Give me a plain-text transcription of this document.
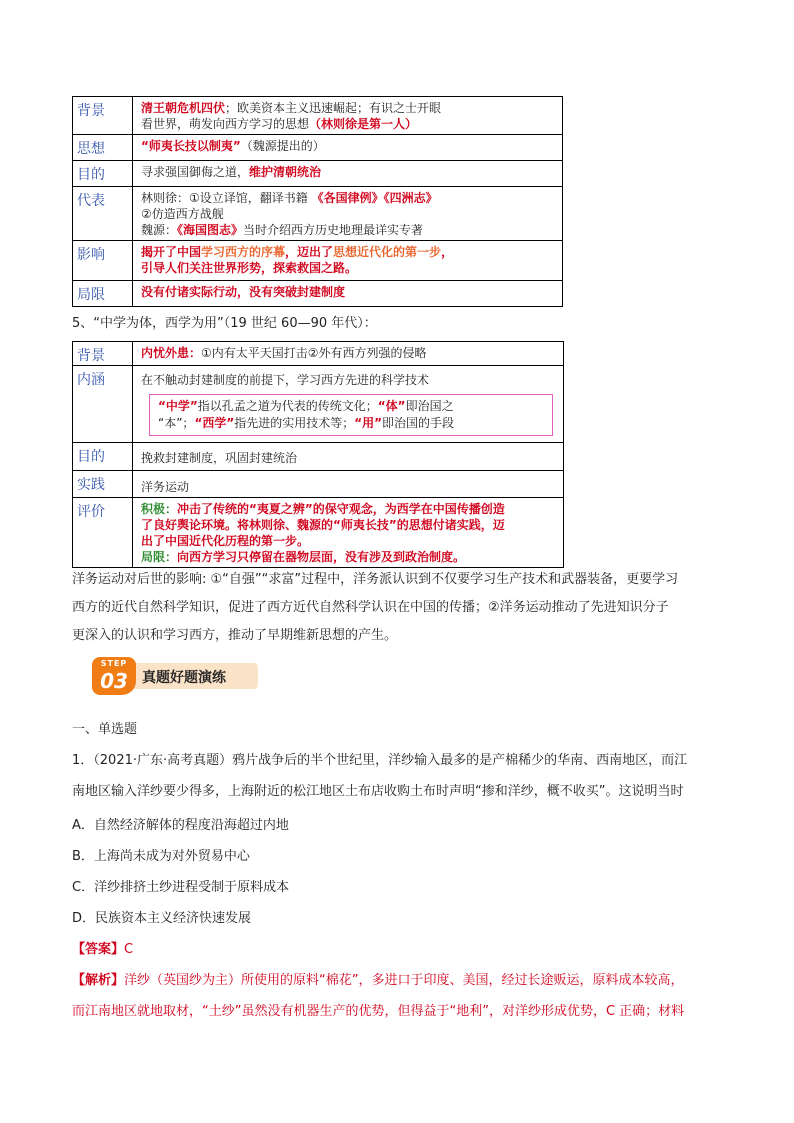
背景	清王朝危机四伏；欧美资本主义迅速崛起；有识之士开眼
看世界，萌发向西方学习的思想（林则徐是第一人）

思想	“师夷长技以制夷”（魏源提出的）

目的	寻求强国御侮之道，维护清朝统治

代表	林则徐：①设立译馆，翻译书籍 《各国律例》《四洲志》
②仿造西方战舰
魏源：《海国图志》当时介绍西方历史地理最详实专著

影响	揭开了中国学习西方的序幕，迈出了思想近代化的第一步，
引导人们关注世界形势，探索救国之路。

局限	没有付诸实际行动，没有突破封建制度
5、“中学为体，西学为用”（19 世纪 60—90 年代）：
背景	内忧外患：①内有太平天国打击②外有西方列强的侵略

内涵	在不触动封建制度的前提下，学习西方先进的科学技术
“中学”指以孔孟之道为代表的传统文化；“体”即治国之
“本”；“西学”指先进的实用技术等；“用”即治国的手段

目的	挽救封建制度，巩固封建统治
实践	洋务运动
评价	积极：冲击了传统的“夷夏之辨”的保守观念，为西学在中国传播创造
了良好舆论环境。将林则徐、魏源的“师夷长技”的思想付诸实践，迈
出了中国近代化历程的第一步。
局限：向西方学习只停留在器物层面，没有涉及到政治制度。
洋务运动对后世的影响: ①“自强”“求富”过程中，洋务派认识到不仅要学习生产技术和武器装备，更要学习
西方的近代自然科学知识，促进了西方近代自然科学认识在中国的传播；②洋务运动推动了先进知识分子
更深入的认识和学习西方，推动了早期维新思想的产生。
STEP
03	真题好题演练
一、单选题
1．（2021·广东·高考真题）鸦片战争后的半个世纪里，洋纱输入最多的是产棉稀少的华南、西南地区，而江
南地区输入洋纱要少得多，上海附近的松江地区土布店收购土布时声明“掺和洋纱，概不收买”。这说明当时
A．自然经济解体的程度沿海超过内地
B．上海尚未成为对外贸易中心
C．洋纱排挤土纱进程受制于原料成本
D．民族资本主义经济快速发展
【答案】C
【解析】洋纱（英国纱为主）所使用的原料“棉花”，多进口于印度、美国，经过长途贩运，原料成本较高，
而江南地区就地取材，“土纱”虽然没有机器生产的优势，但得益于“地利”，对洋纱形成优势，C 正确；材料
